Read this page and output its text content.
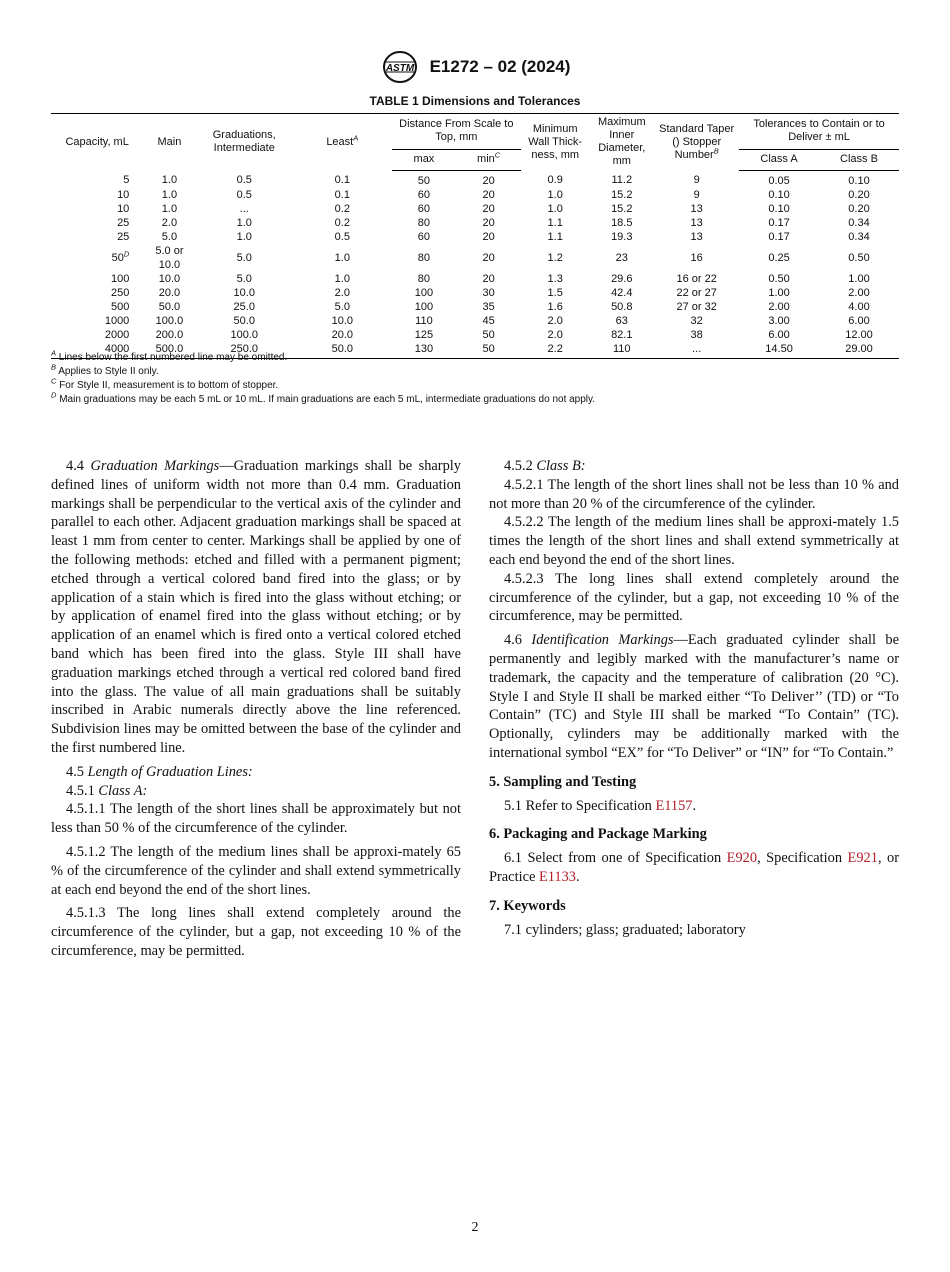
ASTM E1272 – 02 (2024)
TABLE 1 Dimensions and Tolerances
Capacity, mL	Main	Graduations, Intermediate	Least$^A$	Distance From Scale to Top, mm		Minimum Wall Thick-ness, mm	Maximum Inner Diameter, mm	Standard Taper () Stopper Number$^B$	Tolerances to Contain or to Deliver ± mL	
				max	$\min^C$				Class A	Class B
5	1.0	0.5	0.1	50	20	0.9	11.2	9	0.05	0.10
10	1.0	0.5	0.1	60	20	1.0	15.2	9	0.10	0.20
10	1.0	...	0.2	60	20	1.0	15.2	13	0.10	0.20
25	2.0	1.0	0.2	80	20	1.1	18.5	13	0.17	0.34
25	5.0	1.0	0.5	60	20	1.1	19.3	13	0.17	0.34
$50^D$	5.0 or 10.0	5.0	1.0	80	20	1.2	23	16	0.25	0.50
100	10.0	5.0	1.0	80	20	1.3	29.6	16 or 22	0.50	1.00
250	20.0	10.0	2.0	100	30	1.5	42.4	22 or 27	1.00	2.00
500	50.0	25.0	5.0	100	35	1.6	50.8	27 or 32	2.00	4.00
1000	100.0	50.0	10.0	110	45	2.0	63	32	3.00	6.00
2000	200.0	100.0	20.0	125	50	2.0	82.1	38	6.00	12.00
4000	500.0	250.0	50.0	130	50	2.2	110	...	14.50	29.00
$^A$ Lines below the first numbered line may be omitted.
$^B$ Applies to Style II only.
$^C$ For Style II, measurement is to bottom of stopper.
$^D$ Main graduations may be each 5 mL or 10 mL. If main graduations are each 5 mL, intermediate graduations do not apply.

4.4 Graduation Markings—Graduation markings shall be sharply defined lines of uniform width not more than 0.4 mm. Graduation markings shall be perpendicular to the vertical axis of the cylinder and parallel to each other. Adjacent graduation markings shall be spaced at least 1 mm from center to center. Markings shall be applied by one of the following methods: etched and filled with a permanent pigment; etched through a vertical colored band fired into the glass; or by application of a stain which is fired into the glass without etching; or by application of enamel fired into the glass without etching; or by application of an enamel which is fired onto a vertical colored etched band which has been fired into the glass. Style III shall have graduation markings etched through a vertical red colored band fired into the glass. The value of all main graduations shall be suitably inscribed in Arabic numerals directly above the line referenced. Subdivision lines may be omitted between the base of the cylinder and the first numbered line.

4.5 Length of Graduation Lines:

4.5.1 Class A:

4.5.1.1 The length of the short lines shall be approximately but not less than 50 % of the circumference of the cylinder.

4.5.1.2 The length of the medium lines shall be approxi-mately 65 % of the circumference of the cylinder and shall extend symmetrically at each end beyond the end of the short lines.

4.5.1.3 The long lines shall extend completely around the circumference of the cylinder, but a gap, not exceeding 10 % of the circumference, may be permitted.

4.5.2 Class B:

4.5.2.1 The length of the short lines shall not be less than 10 % and not more than 20 % of the circumference of the cylinder.

4.5.2.2 The length of the medium lines shall be approxi-mately 1.5 times the length of the short lines and shall extend symmetrically at each end beyond the end of the short lines.

4.5.2.3 The long lines shall extend completely around the circumference of the cylinder, but a gap, not exceeding 10 % of the circumference, may be permitted.

4.6 Identification Markings—Each graduated cylinder shall be permanently and legibly marked with the manufacturer’s name or trademark, the capacity and the temperature of calibration (20 °C). Style I and Style II shall be marked either “To Deliver’’ (TD) or “To Contain” (TC) and Style III shall be marked “To Contain” (TC). Optionally, cylinders may be additionally marked with the international symbol “EX” for “To Deliver” or “IN” for “To Contain.”

5. Sampling and Testing

5.1 Refer to Specification E1157.

6. Packaging and Package Marking

6.1 Select from one of Specification E920, Specification E921, or Practice E1133.

7. Keywords

7.1 cylinders; glass; graduated; laboratory

2
